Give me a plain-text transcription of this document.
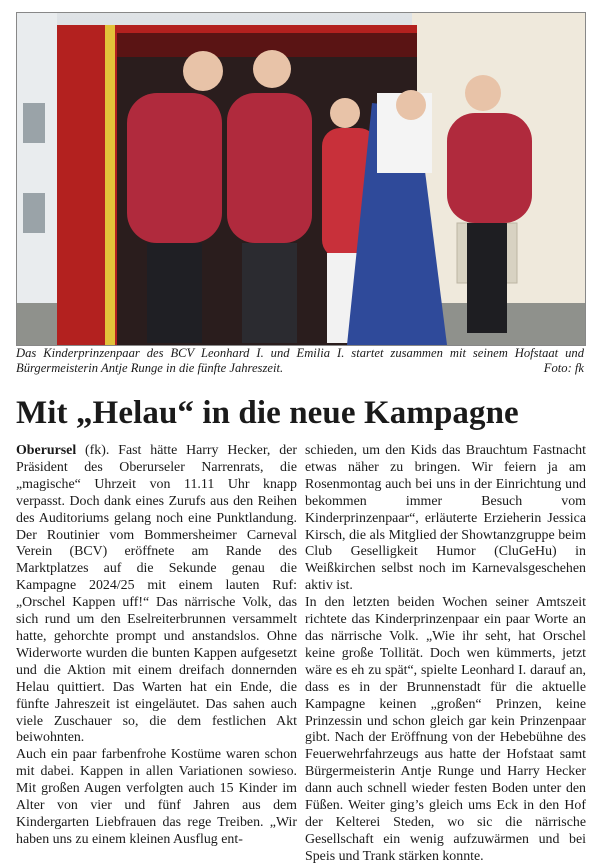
Das Kinderprinzenpaar des BCV Leonhard I. und Emilia I. startet zusammen mit seinem Hofstaat und Bürgermeisterin Antje Runge in die fünfte Jahreszeit.	Foto: fk
Mit „Helau“ in die neue Kampagne

Oberursel (fk). Fast hätte Harry Hecker, der Präsident des Oberurseler Narrenrats, die „magische“ Uhrzeit von 11.11 Uhr knapp verpasst. Doch dank eines Zurufs aus den Reihen des Auditoriums gelang noch eine Punktlandung. Der Routinier vom Bommersheimer Carneval Verein (BCV) eröffnete am Rande des Marktplatzes auf die Sekunde genau die Kampagne 2024/25 mit einem lauten Ruf: „Orschel Kappen uff!“ Das närrische Volk, das sich rund um den Eselreiterbrunnen versammelt hatte, gehorchte prompt und anstandslos. Ohne Widerworte wurden die bunten Kappen aufgesetzt und die Aktion mit einem dreifach donnernden Helau quittiert. Das Warten hat ein Ende, die fünfte Jahreszeit ist eingeläutet. Das sahen auch viele Zuschauer so, die dem festlichen Akt beiwohnten.

Auch ein paar farbenfrohe Kostüme waren schon mit dabei. Kappen in allen Variationen sowieso. Mit großen Augen verfolgten auch 15 Kinder im Alter von vier und fünf Jahren aus dem Kindergarten Liebfrauen das rege Treiben. „Wir haben uns zu einem kleinen Ausflug ent-

schieden, um den Kids das Brauchtum Fastnacht etwas näher zu bringen. Wir feiern ja am Rosenmontag auch bei uns in der Einrichtung und bekommen immer Besuch vom Kinderprinzenpaar“, erläuterte Erzieherin Jessica Kirsch, die als Mitglied der Showtanzgruppe beim Club Geselligkeit Humor (CluGeHu) in Weißkirchen selbst noch im Karnevalsgeschehen aktiv ist.

In den letzten beiden Wochen seiner Amtszeit richtete das Kinderprinzenpaar ein paar Worte an das närrische Volk. „Wie ihr seht, hat Orschel keine große Tollität. Doch wen kümmerts, jetzt wäre es eh zu spät“, spielte Leonhard I. darauf an, dass es in der Brunnenstadt für die aktuelle Kampagne keinen „großen“ Prinzen, keine Prinzessin und schon gleich gar kein Prinzenpaar gibt. Nach der Eröffnung von der Hebebühne des Feuerwehrfahrzeugs aus hatte der Hofstaat samt Bürgermeisterin Antje Runge und Harry Hecker dann auch schnell wieder festen Boden unter den Füßen. Weiter ging’s gleich ums Eck in den Hof der Kelterei Steden, wo sic die närrische Gesellschaft ein wenig aufzuwärmen und bei Speis und Trank stärken konnte.
